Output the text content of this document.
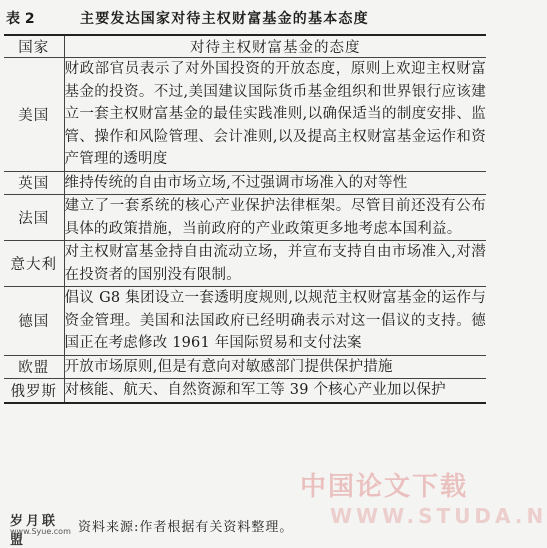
表 2	主要发达国家对待主权财富基金的基本态度
国家	对待主权财富基金的态度
美国	财政部官员表示了对外国投资的开放态度，原则上欢迎主权财富基金的投资。不过,美国建议国际货币基金组织和世界银行应该建立一套主权财富基金的最佳实践准则,以确保适当的制度安排、监管、操作和风险管理、会计准则,以及提高主权财富基金运作和资产管理的透明度
英国	维持传统的自由市场立场,不过强调市场准入的对等性
法国	建立了一套系统的核心产业保护法律框架。尽管目前还没有公布具体的政策措施，当前政府的产业政策更多地考虑本国利益。
意大利	对主权财富基金持自由流动立场，并宣布支持自由市场准入,对潜在投资者的国别没有限制。
德国	倡议 G8 集团设立一套透明度规则,以规范主权财富基金的运作与资金管理。美国和法国政府已经明确表示对这一倡议的支持。德国正在考虑修改 1961 年国际贸易和支付法案
欧盟	开放市场原则,但是有意向对敏感部门提供保护措施
俄罗斯	对核能、航天、自然资源和军工等 39 个核心产业加以保护
中国论文下载
WWW.STUDA.N
岁月联盟
www.Syue.com 资料来源:作者根据有关资料整理。
